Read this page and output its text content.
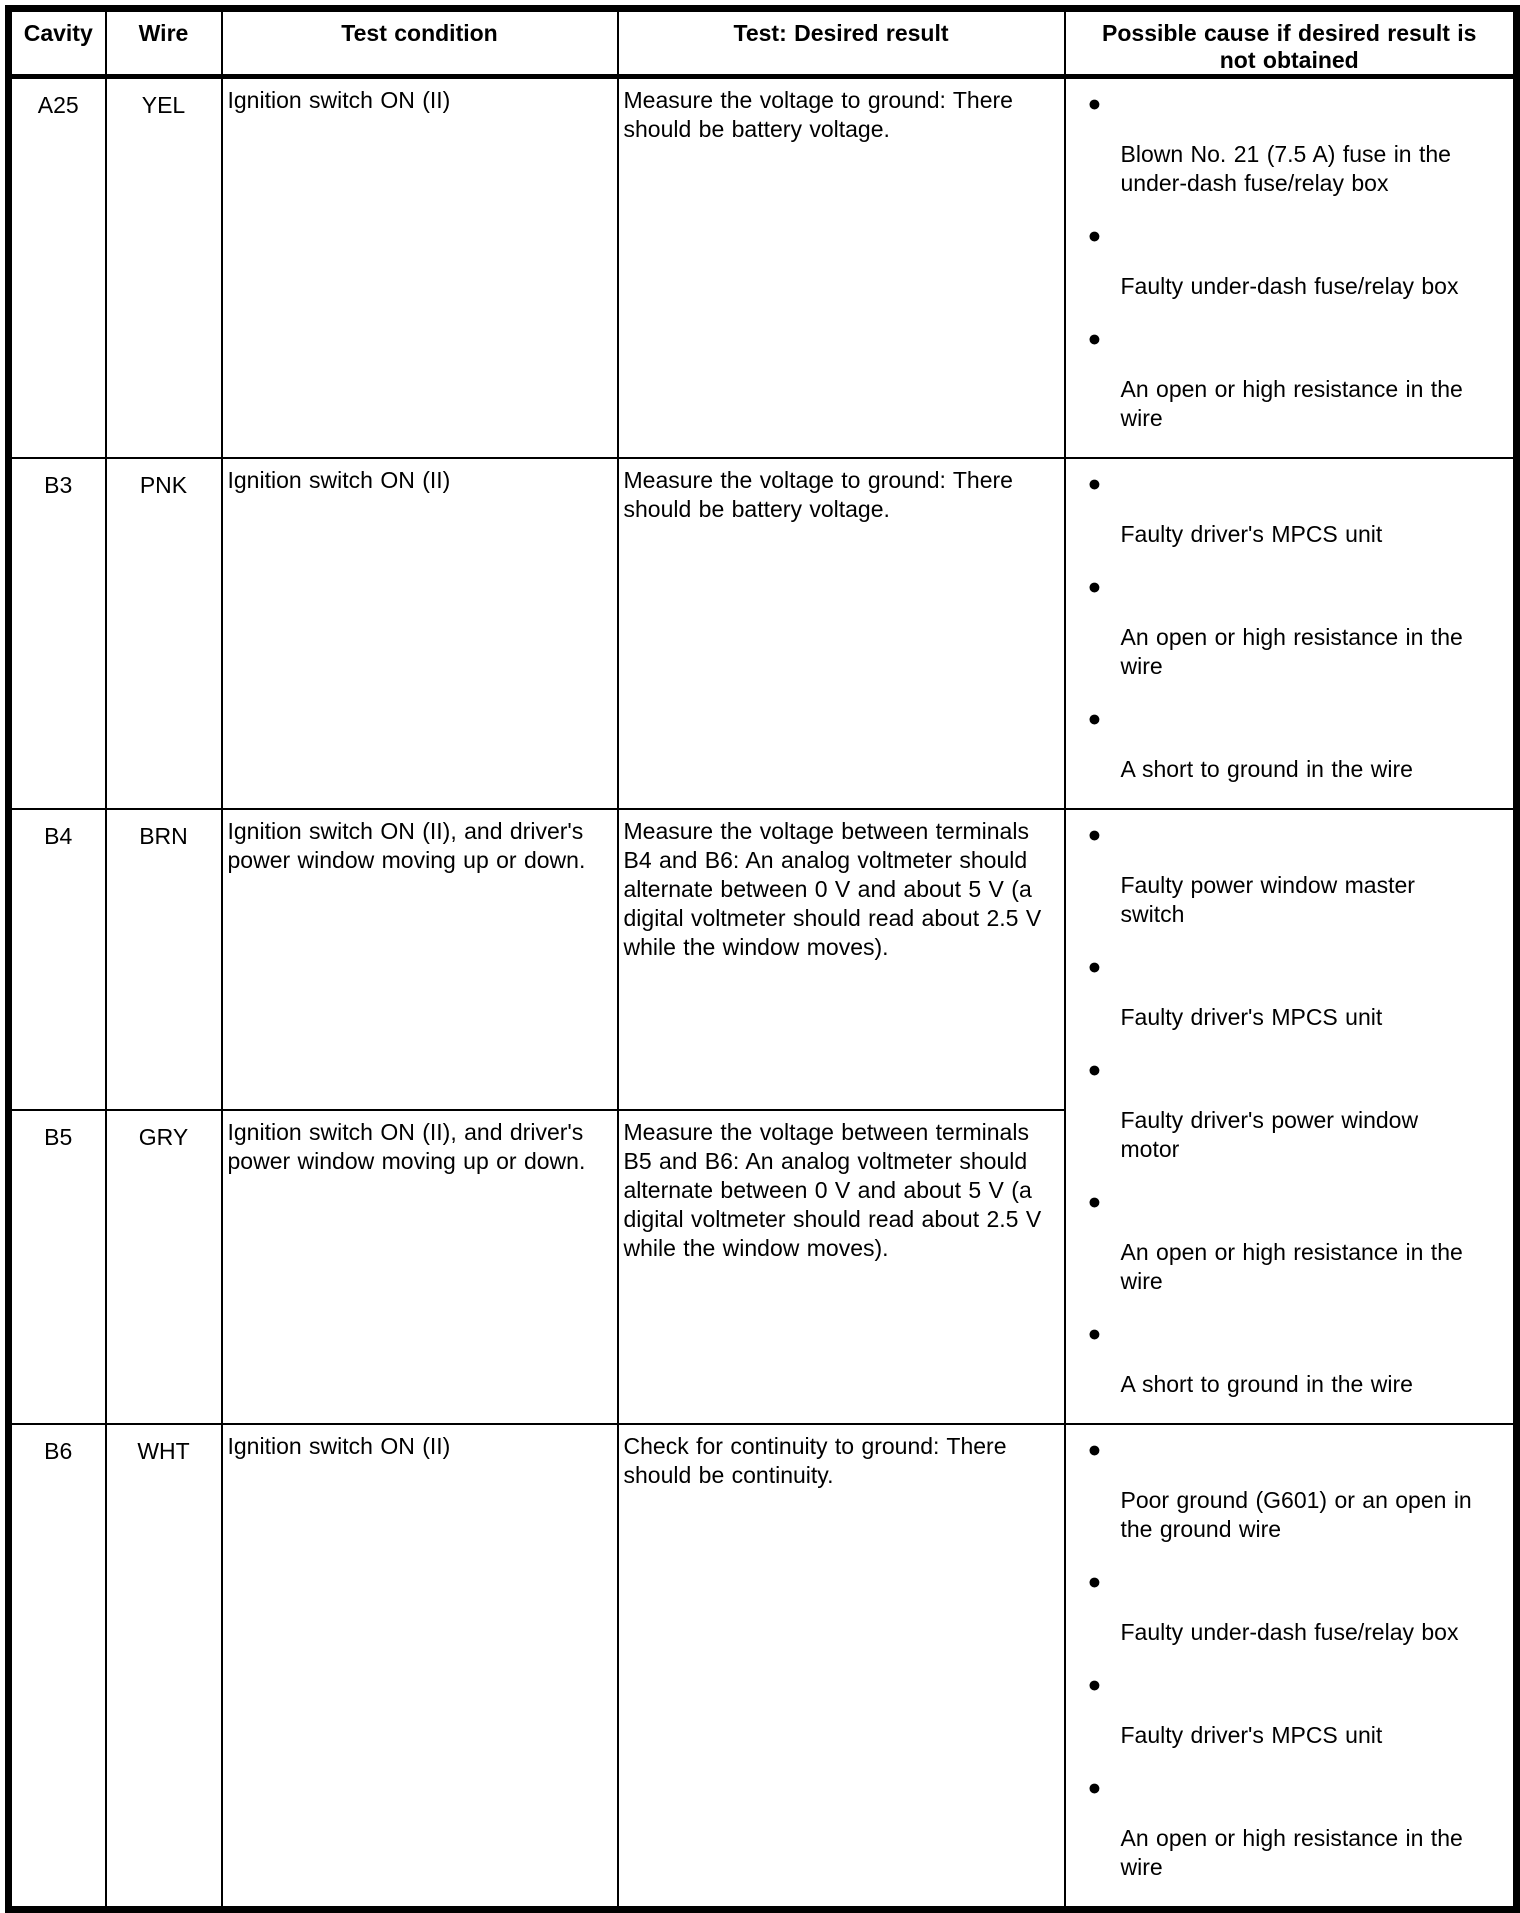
Cavity	Wire	Test condition	Test: Desired result	Possible cause if desired result is not obtained
A25	YEL	Ignition switch ON (II)	Measure the voltage to ground: There should be battery voltage.	
●
Blown No. 21 (7.5 A) fuse in the under-dash fuse/relay box
●
Faulty under-dash fuse/relay box
●
An open or high resistance in the wire

B3	PNK	Ignition switch ON (II)	Measure the voltage to ground: There should be battery voltage.	
●
Faulty driver's MPCS unit
●
An open or high resistance in the wire
●
A short to ground in the wire

B4	BRN	Ignition switch ON (II), and driver's power window moving up or down.	Measure the voltage between terminals B4 and B6: An analog voltmeter should alternate between 0 V and about 5 V (a digital voltmeter should read about 2.5 V while the window moves).	
●
Faulty power window master switch
●
Faulty driver's MPCS unit
●
Faulty driver's power window motor
●
An open or high resistance in the wire
●
A short to ground in the wire

B5	GRY	Ignition switch ON (II), and driver's power window moving up or down.	Measure the voltage between terminals B5 and B6: An analog voltmeter should alternate between 0 V and about 5 V (a digital voltmeter should read about 2.5 V while the window moves).	
B6	WHT	Ignition switch ON (II)	Check for continuity to ground: There should be continuity.	
●
Poor ground (G601) or an open in the ground wire
●
Faulty under-dash fuse/relay box
●
Faulty driver's MPCS unit
●
An open or high resistance in the wire
